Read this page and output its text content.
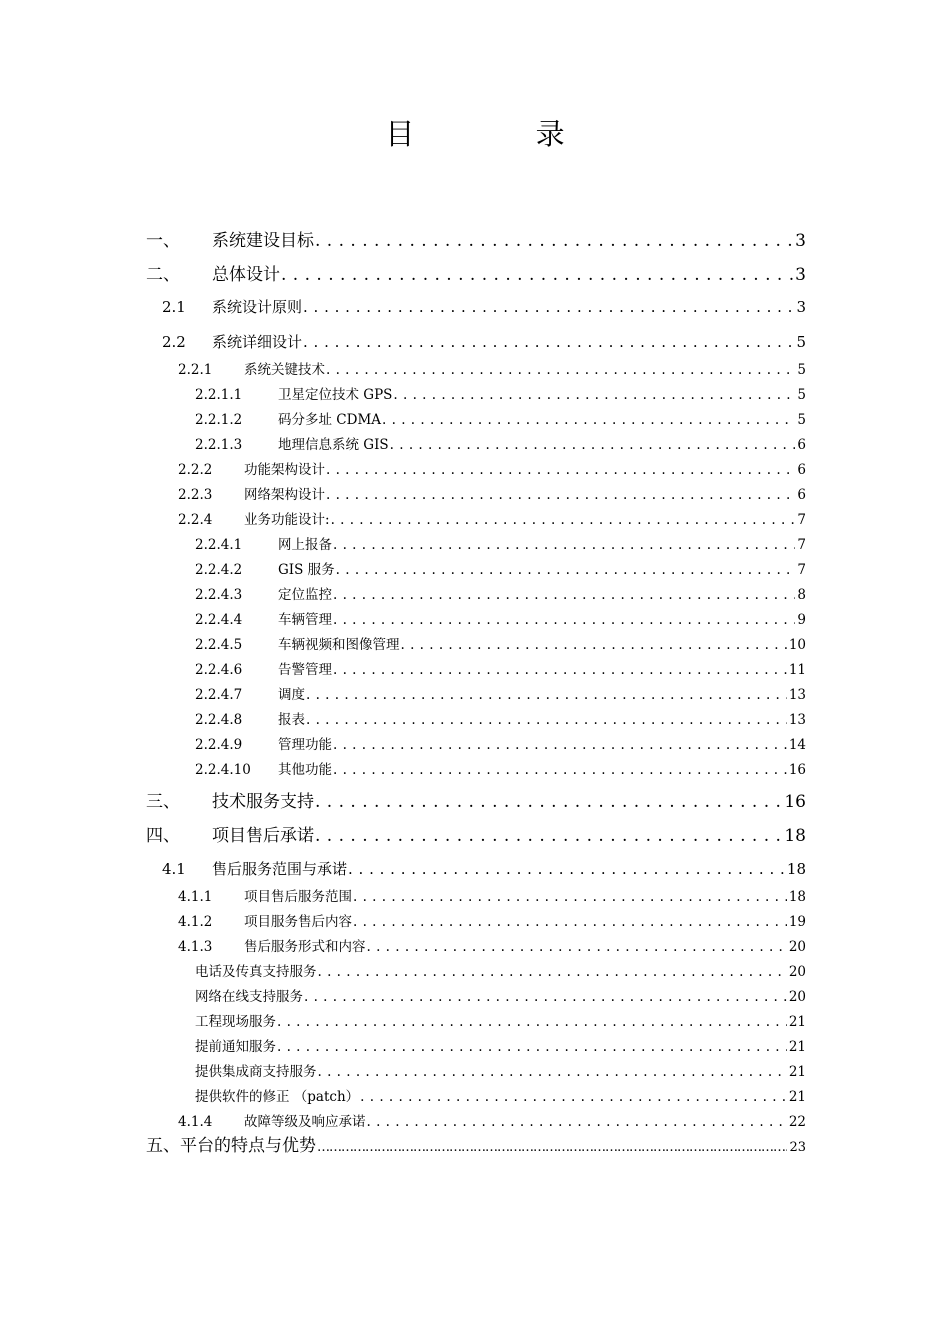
目 录
一、	系统建设目标 . . .	3
二、	总体设计 . . .	3
2.1	系统设计原则 . . .	3
2.2	系统详细设计 . . .	5
2.2.1	系统关键技术 . . .	5
2.2.1.1	卫星定位技术 GPS . . .	5
2.2.1.2	码分多址 CDMA . . .	5
2.2.1.3	地理信息系统 GIS . . .	6
2.2.2	功能架构设计 . . .	6
2.2.3	网络架构设计 . . .	6
2.2.4	业务功能设计: . . .	7
2.2.4.1	网上报备 . . .	7
2.2.4.2	GIS 服务 . . .	7
2.2.4.3	定位监控 . . .	8
2.2.4.4	车辆管理 . . .	9
2.2.4.5	车辆视频和图像管理 . . .	10
2.2.4.6	告警管理 . . .	11
2.2.4.7	调度 . . .	13
2.2.4.8	报表 . . .	13
2.2.4.9	管理功能 . . .	14
2.2.4.10	其他功能 . . .	16
三、	技术服务支持 . . .	16
四、	项目售后承诺 . . .	18
4.1	售后服务范围与承诺 . . .	18
4.1.1	项目售后服务范围 . . .	18
4.1.2	项目服务售后内容 . . .	19
4.1.3	售后服务形式和内容 . . .	20
电话及传真支持服务 . . .	20
网络在线支持服务 . . .	20
工程现场服务 . . .	21
提前通知服务 . . .	21
提供集成商支持服务 . . .	21
提供软件的修正 （patch） . . .	21
4.1.4	故障等级及响应承诺 . . .	22
五、平台的特点与优势 …………………………………………………………………………………………………………………	23
